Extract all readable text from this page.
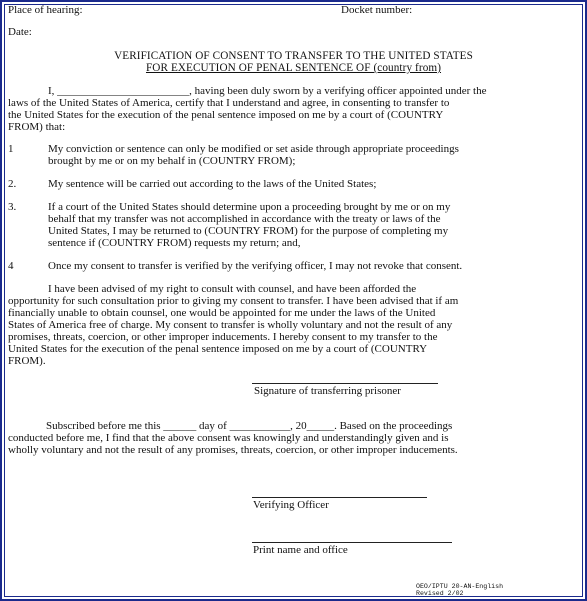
Place of hearing:	Docket number:
Date:
VERIFICATION OF CONSENT TO TRANSFER TO THE UNITED STATES
FOR EXECUTION OF PENAL SENTENCE OF (country from)
I, ________________________, having been duly sworn by a verifying officer appointed under the
laws of the United States of America, certify that I understand and agree, in consenting to transfer to
the United States for the execution of the penal sentence imposed on me by a court of (COUNTRY
FROM) that:
1	My conviction or sentence can only be modified or set aside through appropriate proceedings
brought by me or on my behalf in (COUNTRY FROM);
2.	My sentence will be carried out according to the laws of the United States;
3.	If a court of the United States should determine upon a proceeding brought by me or on my
behalf that my transfer was not accomplished in accordance with the treaty or laws of the
United States, I may be returned to (COUNTRY FROM) for the purpose of completing my
sentence if (COUNTRY FROM) requests my return; and,
4	Once my consent to transfer is verified by the verifying officer, I may not revoke that consent.
I have been advised of my right to consult with counsel, and have been afforded the
opportunity for such consultation prior to giving my consent to transfer. I have been advised that if am
financially unable to obtain counsel, one would be appointed for me under the laws of the United
States of America free of charge. My consent to transfer is wholly voluntary and not the result of any
promises, threats, coercion, or other improper inducements. I hereby consent to my transfer to the
United States for the execution of the penal sentence imposed on me by a court of (COUNTRY
FROM).
Signature of transferring prisoner
Subscribed before me this ______ day of ___________, 20_____. Based on the proceedings
conducted before me, I find that the above consent was knowingly and understandingly given and is
wholly voluntary and not the result of any promises, threats, coercion, or other improper inducements.
Verifying Officer
Print name and office
OEO/IPTU 20-AN-English
Revised 2/02
